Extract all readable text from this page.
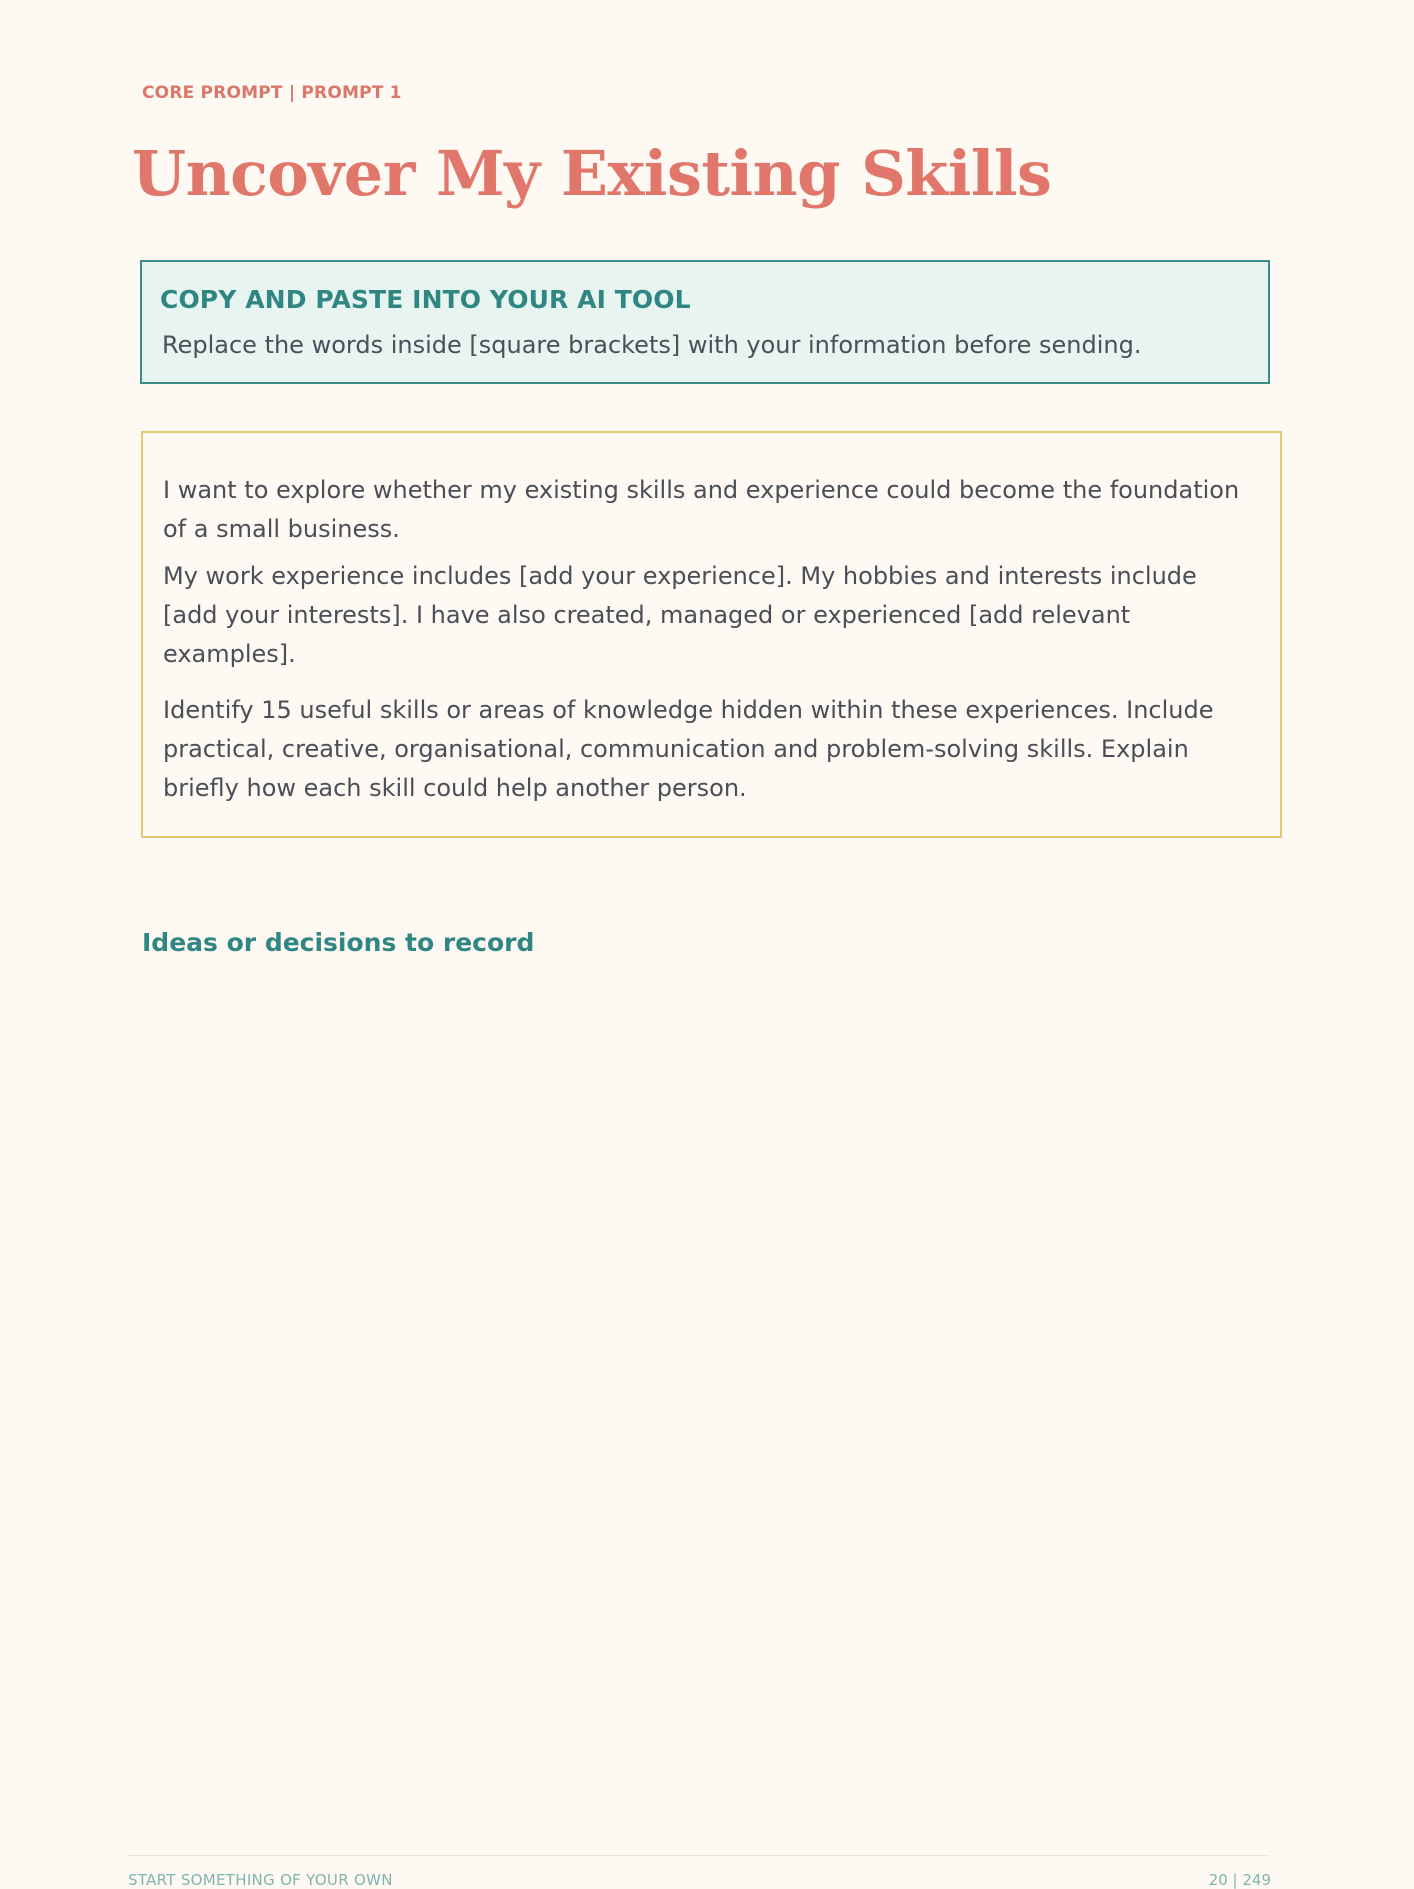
CORE PROMPT | PROMPT 1
Uncover My Existing Skills
COPY AND PASTE INTO YOUR AI TOOL
Replace the words inside [square brackets] with your information before sending.

I want to explore whether my existing skills and experience could become the foundation of a small business.

My work experience includes [add your experience]. My hobbies and interests include [add your interests]. I have also created, managed or experienced [add relevant examples].

Identify 15 useful skills or areas of knowledge hidden within these experiences. Include practical, creative, organisational, communication and problem-solving skills. Explain briefly how each skill could help another person.

Ideas or decisions to record
START SOMETHING OF YOUR OWN	20 | 249
